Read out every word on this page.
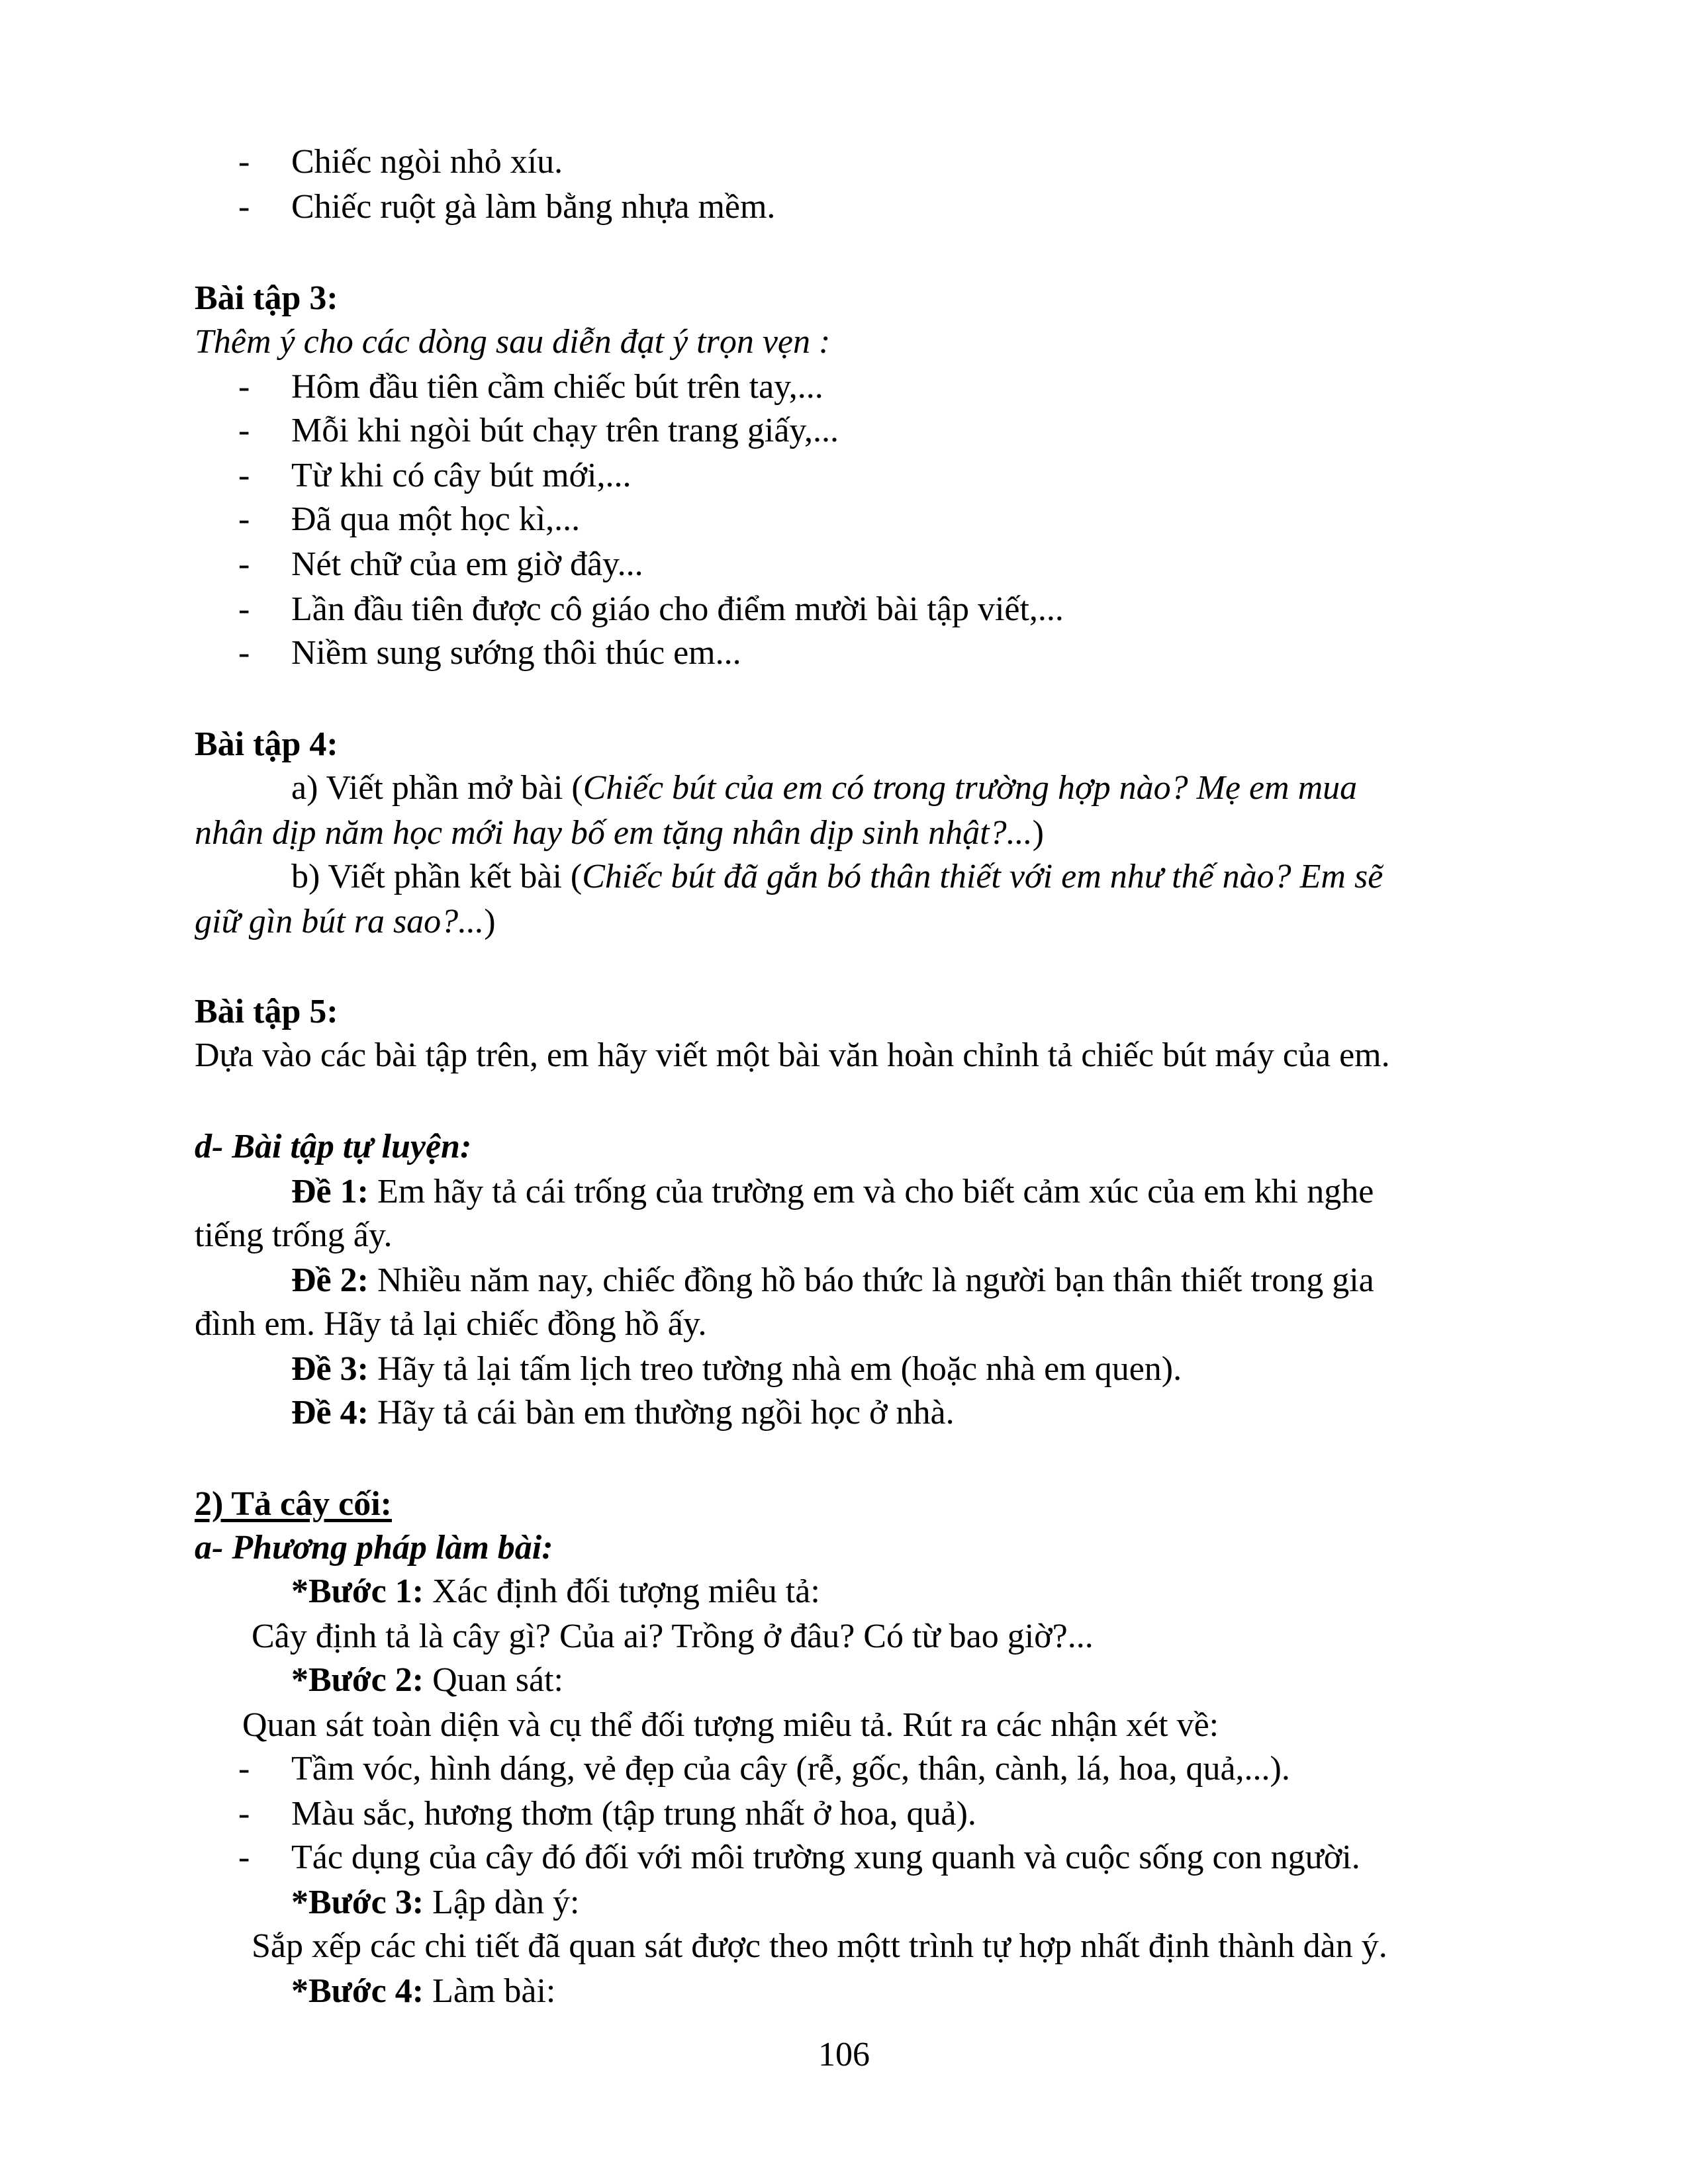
- Chiếc ngòi nhỏ xíu.
- Chiếc ruột gà làm bằng nhựa mềm.
Bài tập 3:
Thêm ý cho các dòng sau diễn đạt ý trọn vẹn :
- Hôm đầu tiên cầm chiếc bút trên tay,...
- Mỗi khi ngòi bút chạy trên trang giấy,...
- Từ khi có cây bút mới,...
- Đã qua một học kì,...
- Nét chữ của em giờ đây...
- Lần đầu tiên được cô giáo cho điểm mười bài tập viết,...
- Niềm sung sướng thôi thúc em...
Bài tập 4:
a) Viết phần mở bài (Chiếc bút của em có trong trường hợp nào? Mẹ em mua
nhân dịp năm học mới hay bố em tặng nhân dịp sinh nhật?...)
b) Viết phần kết bài (Chiếc bút đã gắn bó thân thiết với em như thế nào? Em sẽ
giữ gìn bút ra sao?...)
Bài tập 5:
Dựa vào các bài tập trên, em hãy viết một bài văn hoàn chỉnh tả chiếc bút máy của em.
d- Bài tập tự luyện:
Đề 1: Em hãy tả cái trống của trường em và cho biết cảm xúc của em khi nghe
tiếng trống ấy.
Đề 2: Nhiều năm nay, chiếc đồng hồ báo thức là người bạn thân thiết trong gia
đình em. Hãy tả lại chiếc đồng hồ ấy.
Đề 3: Hãy tả lại tấm lịch treo tường nhà em (hoặc nhà em quen).
Đề 4: Hãy tả cái bàn em thường ngồi học ở nhà.
2) Tả cây cối:
a- Phương pháp làm bài:
*Bước 1: Xác định đối tượng miêu tả:
Cây định tả là cây gì? Của ai? Trồng ở đâu? Có từ bao giờ?...
*Bước 2: Quan sát:
Quan sát toàn diện và cụ thể đối tượng miêu tả. Rút ra các nhận xét về:
- Tầm vóc, hình dáng, vẻ đẹp của cây (rễ, gốc, thân, cành, lá, hoa, quả,...).
- Màu sắc, hương thơm (tập trung nhất ở hoa, quả).
- Tác dụng của cây đó đối với môi trường xung quanh và cuộc sống con người.
*Bước 3: Lập dàn ý:
Sắp xếp các chi tiết đã quan sát được theo mộtt trình tự hợp nhất định thành dàn ý.
*Bước 4: Làm bài:
106
